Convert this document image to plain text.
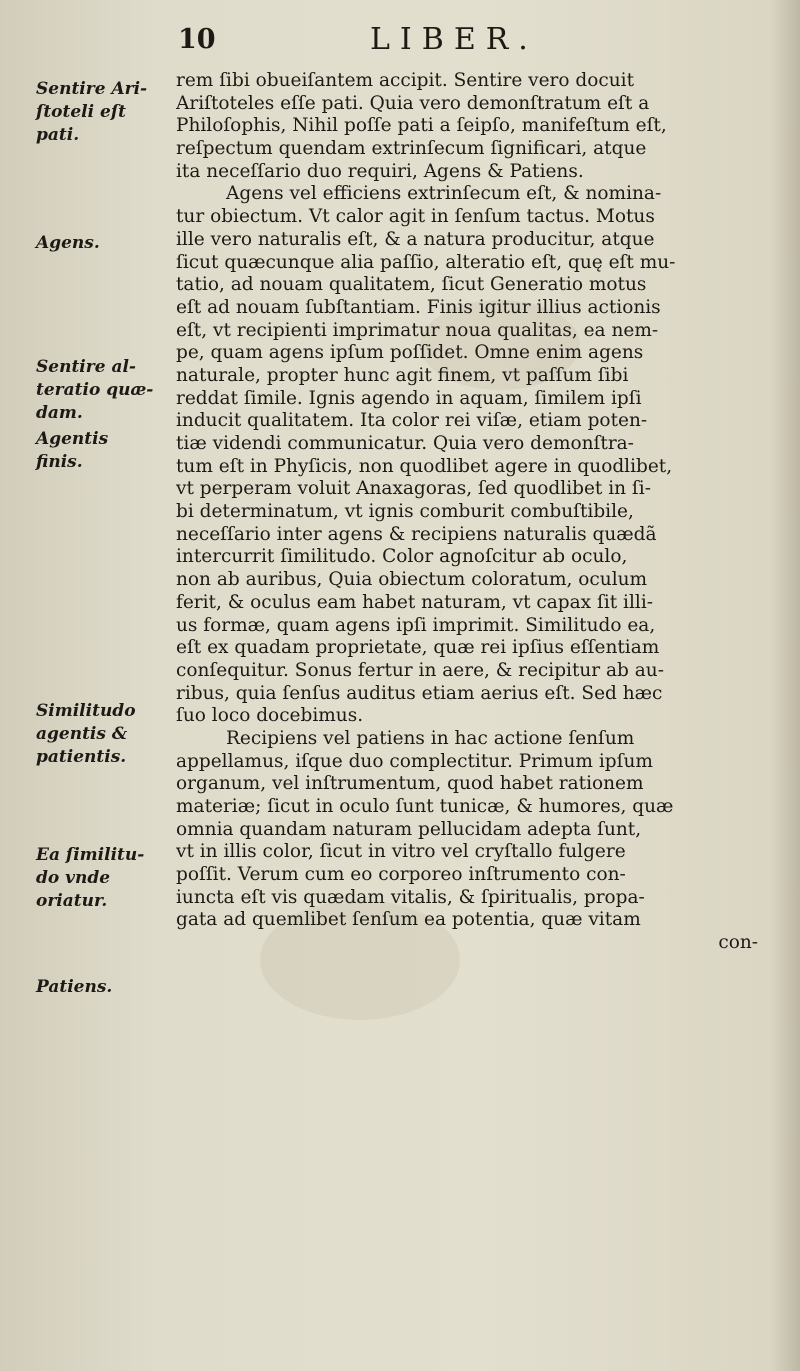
10	LIBER.
Sentire Ari-
ſtoteli eſt
pati.
Agens.
Sentire al-
teratio quæ-
dam.
Agentis
finis.
Similitudo
agentis &
patientis.
Ea ſimilitu-
do vnde
oriatur.
Patiens.
rem ſibi obueiſantem accipit. Sentire vero docuit
Ariſtoteles eſſe pati. Quia vero demonſtratum eſt a
Philoſophis, Nihil poſſe pati a ſeipſo, manifeſtum eſt,
reſpectum quendam extrinſecum ſignificari, atque
ita neceſſario duo requiri, Agens & Patiens.
Agens vel efficiens extrinſecum eſt, & nomina-
tur obiectum. Vt calor agit in ſenſum tactus. Motus
ille vero naturalis eſt, & a natura producitur, atque
ſicut quæcunque alia paſſio, alteratio eſt, quę eſt mu-
tatio, ad nouam qualitatem, ſicut Generatio motus
eſt ad nouam ſubſtantiam. Finis igitur illius actionis
eſt, vt recipienti imprimatur noua qualitas, ea nem-
pe, quam agens ipſum poſſidet. Omne enim agens
naturale, propter hunc agit finem, vt paſſum ſibi
reddat ſimile. Ignis agendo in aquam, ſimilem ipſi
inducit qualitatem. Ita color rei viſæ, etiam poten-
tiæ videndi communicatur. Quia vero demonſtra-
tum eſt in Phyſicis, non quodlibet agere in quodlibet,
vt perperam voluit Anaxagoras, ſed quodlibet in ſi-
bi determinatum, vt ignis comburit combuſtibile,
neceſſario inter agens & recipiens naturalis quædã
intercurrit ſimilitudo. Color agnoſcitur ab oculo,
non ab auribus, Quia obiectum coloratum, oculum
ferit, & oculus eam habet naturam, vt capax ſit illi-
us formæ, quam agens ipſi imprimit. Similitudo ea,
eſt ex quadam proprietate, quæ rei ipſius eſſentiam
conſequitur. Sonus fertur in aere, & recipitur ab au-
ribus, quia ſenſus auditus etiam aerius eſt. Sed hæc
ſuo loco docebimus.
Recipiens vel patiens in hac actione ſenſum
appellamus, iſque duo complectitur. Primum ipſum
organum, vel inſtrumentum, quod habet rationem
materiæ; ſicut in oculo ſunt tunicæ, & humores, quæ
omnia quandam naturam pellucidam adepta ſunt,
vt in illis color, ſicut in vitro vel cryſtallo fulgere
poſſit. Verum cum eo corporeo inſtrumento con-
iuncta eſt vis quædam vitalis, & ſpiritualis, propa-
gata ad quemlibet ſenſum ea potentia, quæ vitam
con-
